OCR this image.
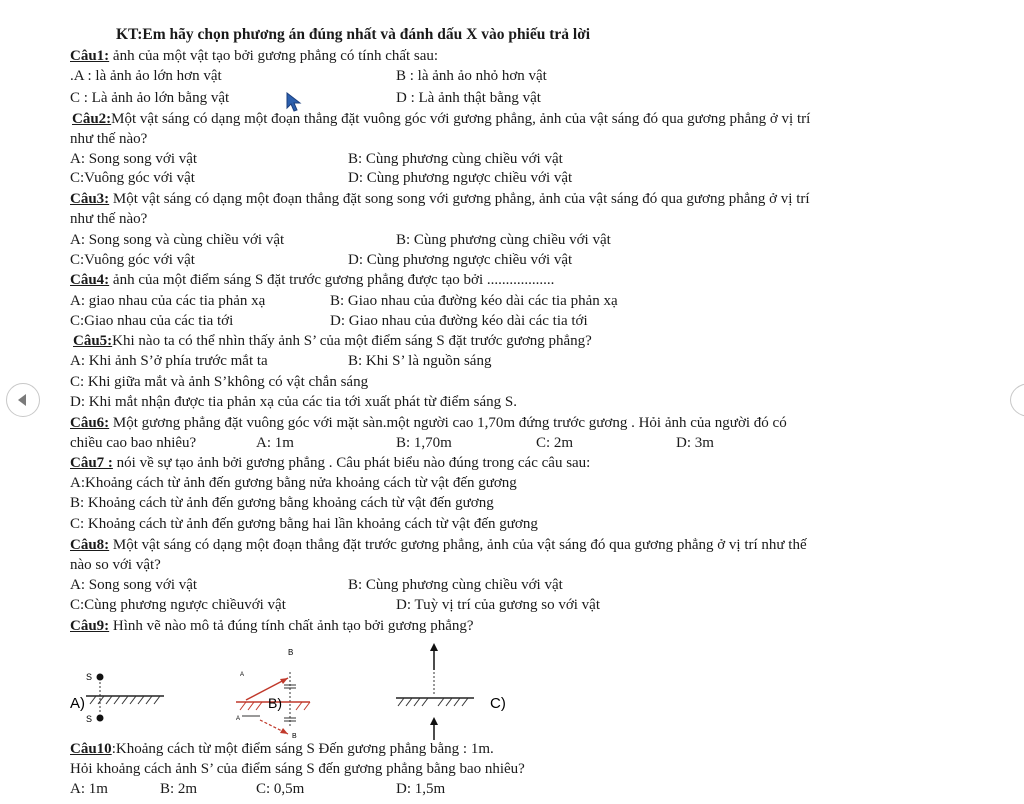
KT:Em hãy chọn phương án đúng nhất và đánh dấu X vào phiếu trả lời
Câu1: ảnh của một vật tạo bởi gương phẳng có tính chất sau:
.A : là ảnh ảo lớn hơn vật	B : là ảnh ảo nhỏ hơn vật
C : Là ảnh ảo lớn bằng vật	D : Là ảnh thật bằng vật
Câu2:Một vật sáng có dạng một đoạn thẳng đặt vuông góc với gương phẳng, ảnh của vật sáng đó qua gương phẳng ở vị trí
như thế nào?
A: Song song với vật	B: Cùng phương cùng chiều với vật
C:Vuông góc với vật	D: Cùng phương ngược chiều với vật
Câu3: Một vật sáng có dạng một đoạn thẳng đặt song song với gương phẳng, ảnh của vật sáng đó qua gương phẳng ở vị trí
như thế nào?
A: Song song và cùng chiều với vật	B: Cùng phương cùng chiều với vật
C:Vuông góc với vật	D: Cùng phương ngược chiều với vật
Câu4: ảnh của một điểm sáng S đặt trước gương phẳng được tạo bởi ..................
A: giao nhau của các tia phản xạ	B: Giao nhau của đường kéo dài các tia phản xạ
C:Giao nhau của các tia tới	D: Giao nhau của đường kéo dài các tia tới
Câu5:Khi nào ta có thể nhìn thấy ảnh S’ của một điểm sáng S đặt trước gương phẳng?
A: Khi ảnh S’ở phía trước mắt ta	B: Khi S’ là nguồn sáng
C: Khi giữa mắt và ảnh S’không có vật chắn sáng
D: Khi mắt nhận được tia phản xạ của các tia tới xuất phát từ điểm sáng S.
Câu6: Một gương phẳng đặt vuông góc với mặt sàn.một người cao 1,70m đứng trước gương . Hỏi ảnh của người đó có
chiều cao bao nhiêu?	A: 1m	B: 1,70m	C: 2m	D: 3m
Câu7 : nói về sự tạo ảnh bởi gương phẳng . Câu phát biểu nào đúng trong các câu sau:
A:Khoảng cách từ ảnh đến gương bằng nửa khoảng cách từ vật đến gương
B: Khoảng cách từ ảnh đến gương bằng khoảng cách từ vật đến gương
C: Khoảng cách từ ảnh đến gương bằng hai lần khoảng cách từ vật đến gương
Câu8: Một vật sáng có dạng một đoạn thẳng đặt trước gương phẳng, ảnh của vật sáng đó qua gương phẳng ở vị trí như thế
nào so với vật?
A: Song song với vật	B: Cùng phương cùng chiều với vật
C:Cùng phương ngược chiềuvới vật	D: Tuỳ vị trí của gương so với vật
Câu9: Hình vẽ nào mô tả đúng tính chất ảnh tạo bởi gương phẳng?
A)
S
S
B
A
B)
A
B
C)
Câu10:Khoảng cách từ một điểm sáng S Đến gương phẳng bằng : 1m.
Hỏi khoảng cách ảnh S’ của điểm sáng S đến gương phẳng bằng bao nhiêu?
A: 1m	B: 2m	C: 0,5m	D: 1,5m
